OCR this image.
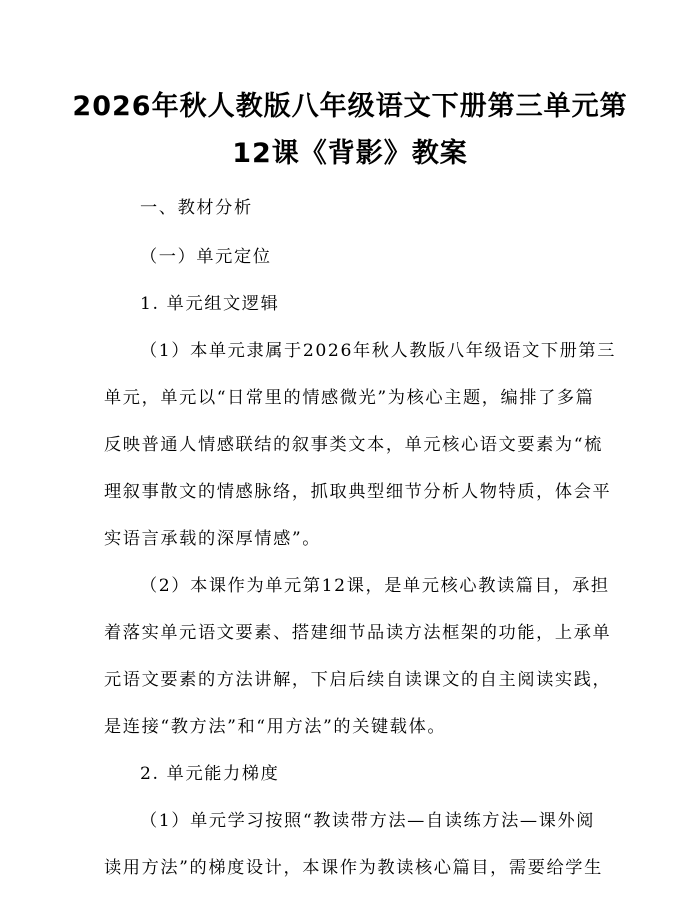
2026年秋人教版八年级语文下册第三单元第
12课《背影》教案
一、教材分析
（一）单元定位
1. 单元组文逻辑
（1）本单元隶属于2026年秋人教版八年级语文下册第三
单元，单元以“日常里的情感微光”为核心主题，编排了多篇
反映普通人情感联结的叙事类文本，单元核心语文要素为“梳
理叙事散文的情感脉络，抓取典型细节分析人物特质，体会平
实语言承载的深厚情感”。
（2）本课作为单元第12课，是单元核心教读篇目，承担
着落实单元语文要素、搭建细节品读方法框架的功能，上承单
元语文要素的方法讲解，下启后续自读课文的自主阅读实践，
是连接“教方法”和“用方法”的关键载体。
2. 单元能力梯度
（1）单元学习按照“教读带方法—自读练方法—课外阅
读用方法”的梯度设计，本课作为教读核心篇目，需要给学生
